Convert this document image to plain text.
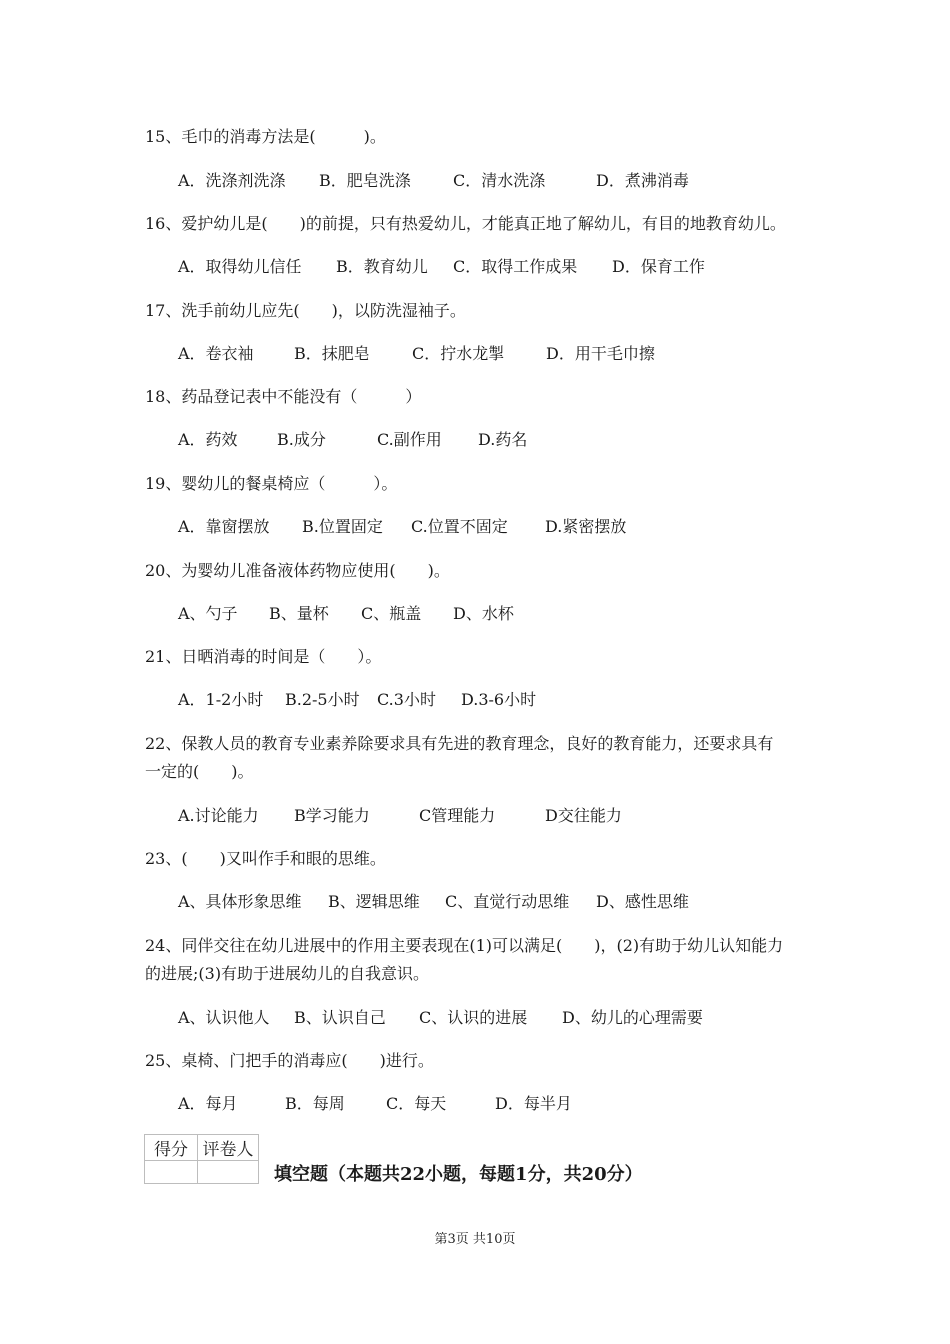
15、毛巾的消毒方法是(　　　)。
A．洗涤剂洗涤 B．肥皂洗涤	C．清水洗涤	D．煮沸消毒
16、爱护幼儿是(　　)的前提，只有热爱幼儿，才能真正地了解幼儿，有目的地教育幼儿。
A．取得幼儿信任 B．教育幼儿 C．取得工作成果 D．保育工作
17、洗手前幼儿应先(　　)，以防洗湿袖子。
A．卷衣袖	B．抹肥皂	C．拧水龙掣	D．用干毛巾擦
18、药品登记表中不能没有（　　　）
A．药效 B.成分	C.副作用 D.药名
19、婴幼儿的餐桌椅应（　　　）。
A．靠窗摆放 B.位置固定 C.位置不固定 D.紧密摆放
20、为婴幼儿准备液体药物应使用(　　)。
A、勺子 B、量杯 C、瓶盖 D、水杯
21、日晒消毒的时间是（　　）。
A．1-2小时 B.2-5小时 C.3小时 D.3-6小时
22、保教人员的教育专业素养除要求具有先进的教育理念，良好的教育能力，还要求具有
一定的(　　)。
A.讨论能力 B学习能力	C管理能力	D交往能力
23、(　　)又叫作手和眼的思维。
A、具体形象思维 B、逻辑思维 C、直觉行动思维 D、感性思维
24、同伴交往在幼儿进展中的作用主要表现在(1)可以满足(　　)，(2)有助于幼儿认知能力
的进展;(3)有助于进展幼儿的自我意识。
A、认识他人 B、认识自己 C、认识的进展 D、幼儿的心理需要
25、桌椅、门把手的消毒应(　　)进行。
A．每月	B．每周	C．每天	D．每半月
得分	评卷人

填空题（本题共22小题，每题1分，共20分）
第3页 共10页
